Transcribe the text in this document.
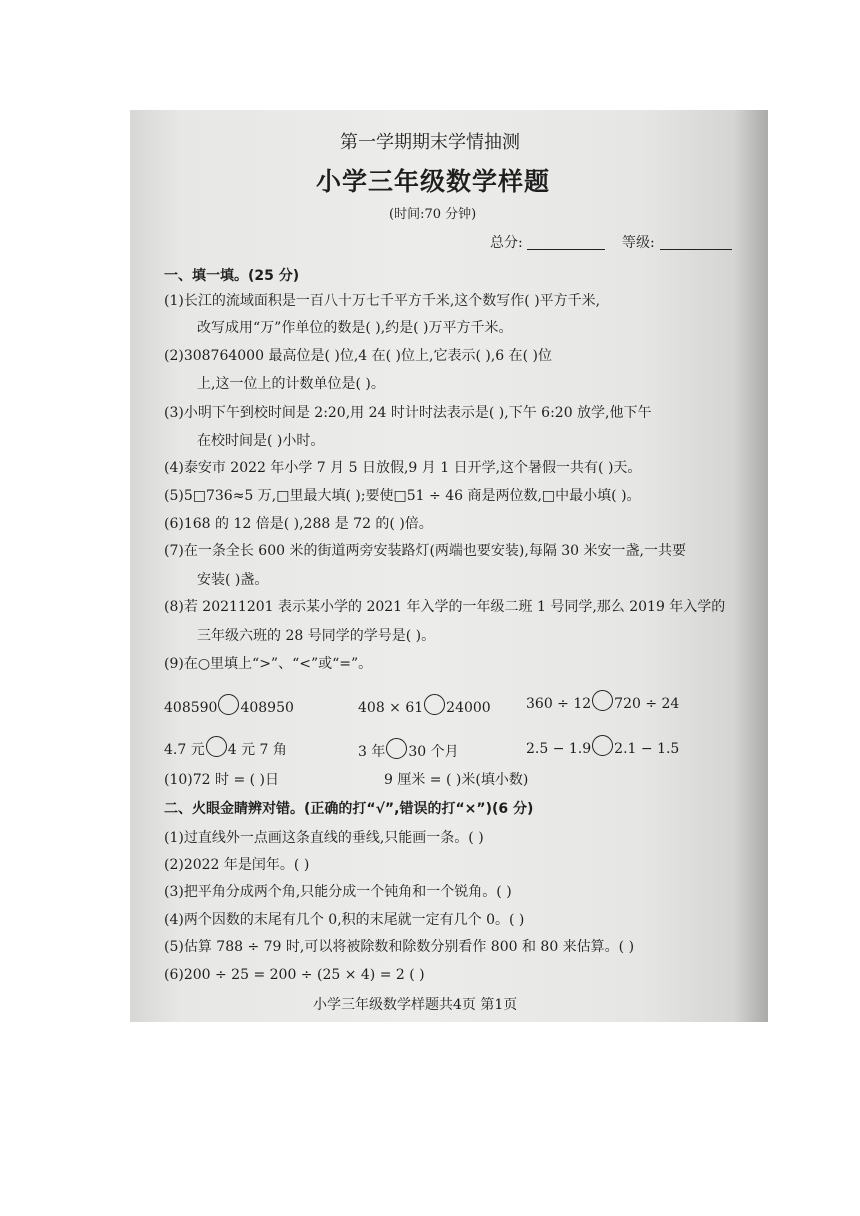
第一学期期末学情抽测
小学三年级数学样题
(时间:70 分钟)
总分:	等级:
一、填一填。(25 分)
(1)长江的流域面积是一百八十万七千平方千米,这个数写作( )平方千米,
改写成用“万”作单位的数是( ),约是( )万平方千米。
(2)308764000 最高位是( )位,4 在( )位上,它表示( ),6 在( )位
上,这一位上的计数单位是( )。
(3)小明下午到校时间是 2:20,用 24 时计时法表示是( ),下午 6:20 放学,他下午
在校时间是( )小时。
(4)泰安市 2022 年小学 7 月 5 日放假,9 月 1 日开学,这个暑假一共有( )天。
(5)5□736≈5 万,□里最大填( );要使□51 ÷ 46 商是两位数,□中最小填( )。
(6)168 的 12 倍是( ),288 是 72 的( )倍。
(7)在一条全长 600 米的街道两旁安装路灯(两端也要安装),每隔 30 米安一盏,一共要
安装( )盏。
(8)若 20211201 表示某小学的 2021 年入学的一年级二班 1 号同学,那么 2019 年入学的
三年级六班的 28 号同学的学号是( )。
(9)在○里填上“>”、“<”或“=”。
408590 408950	408 × 61 24000	360 ÷ 12 720 ÷ 24
4.7 元 4 元 7 角	3 年 30 个月	2.5 − 1.9 2.1 − 1.5
(10)72 时 = ( )日	9 厘米 = ( )米(填小数)
二、火眼金睛辨对错。(正确的打“√”,错误的打“×”)(6 分)
(1)过直线外一点画这条直线的垂线,只能画一条。( )
(2)2022 年是闰年。( )
(3)把平角分成两个角,只能分成一个钝角和一个锐角。( )
(4)两个因数的末尾有几个 0,积的末尾就一定有几个 0。( )
(5)估算 788 ÷ 79 时,可以将被除数和除数分别看作 800 和 80 来估算。( )
(6)200 ÷ 25 = 200 ÷ (25 × 4) = 2 ( )
小学三年级数学样题共4页 第1页
